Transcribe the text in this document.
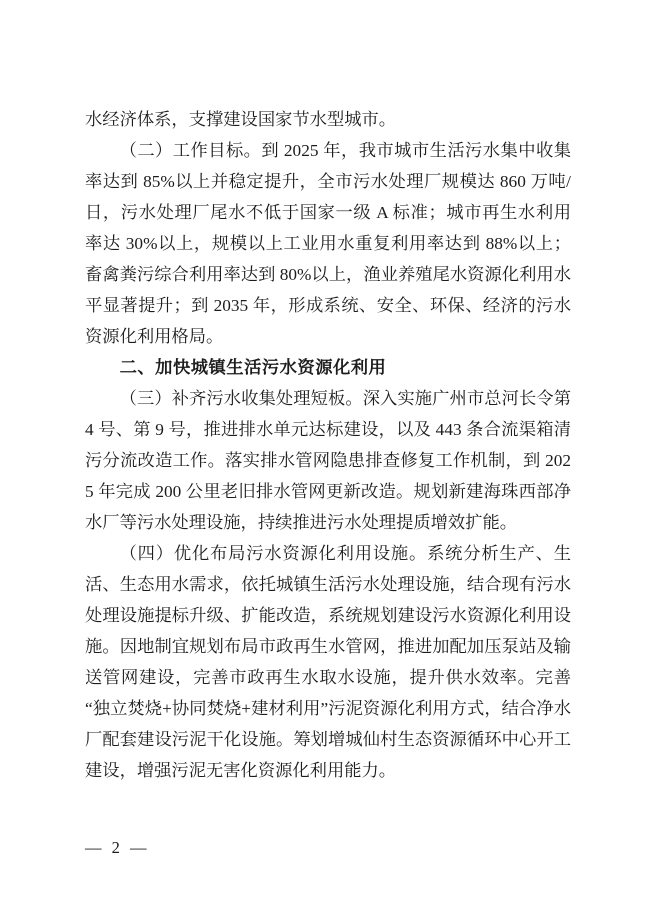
水经济体系，支撑建设国家节水型城市。

（二）工作目标。到 2025 年，我市城市生活污水集中收集率达到 85%以上并稳定提升，全市污水处理厂规模达 860 万吨/日，污水处理厂尾水不低于国家一级 A 标准；城市再生水利用率达 30%以上，规模以上工业用水重复利用率达到 88%以上；畜禽粪污综合利用率达到 80%以上，渔业养殖尾水资源化利用水平显著提升；到 2035 年，形成系统、安全、环保、经济的污水资源化利用格局。

二、加快城镇生活污水资源化利用

（三）补齐污水收集处理短板。深入实施广州市总河长令第 4 号、第 9 号，推进排水单元达标建设，以及 443 条合流渠箱清污分流改造工作。落实排水管网隐患排查修复工作机制，到 2025 年完成 200 公里老旧排水管网更新改造。规划新建海珠西部净水厂等污水处理设施，持续推进污水处理提质增效扩能。

（四）优化布局污水资源化利用设施。系统分析生产、生活、生态用水需求，依托城镇生活污水处理设施，结合现有污水处理设施提标升级、扩能改造，系统规划建设污水资源化利用设施。因地制宜规划布局市政再生水管网，推进加配加压泵站及输送管网建设，完善市政再生水取水设施，提升供水效率。完善“独立焚烧+协同焚烧+建材利用”污泥资源化利用方式，结合净水厂配套建设污泥干化设施。筹划增城仙村生态资源循环中心开工建设，增强污泥无害化资源化利用能力。

— 2 —
